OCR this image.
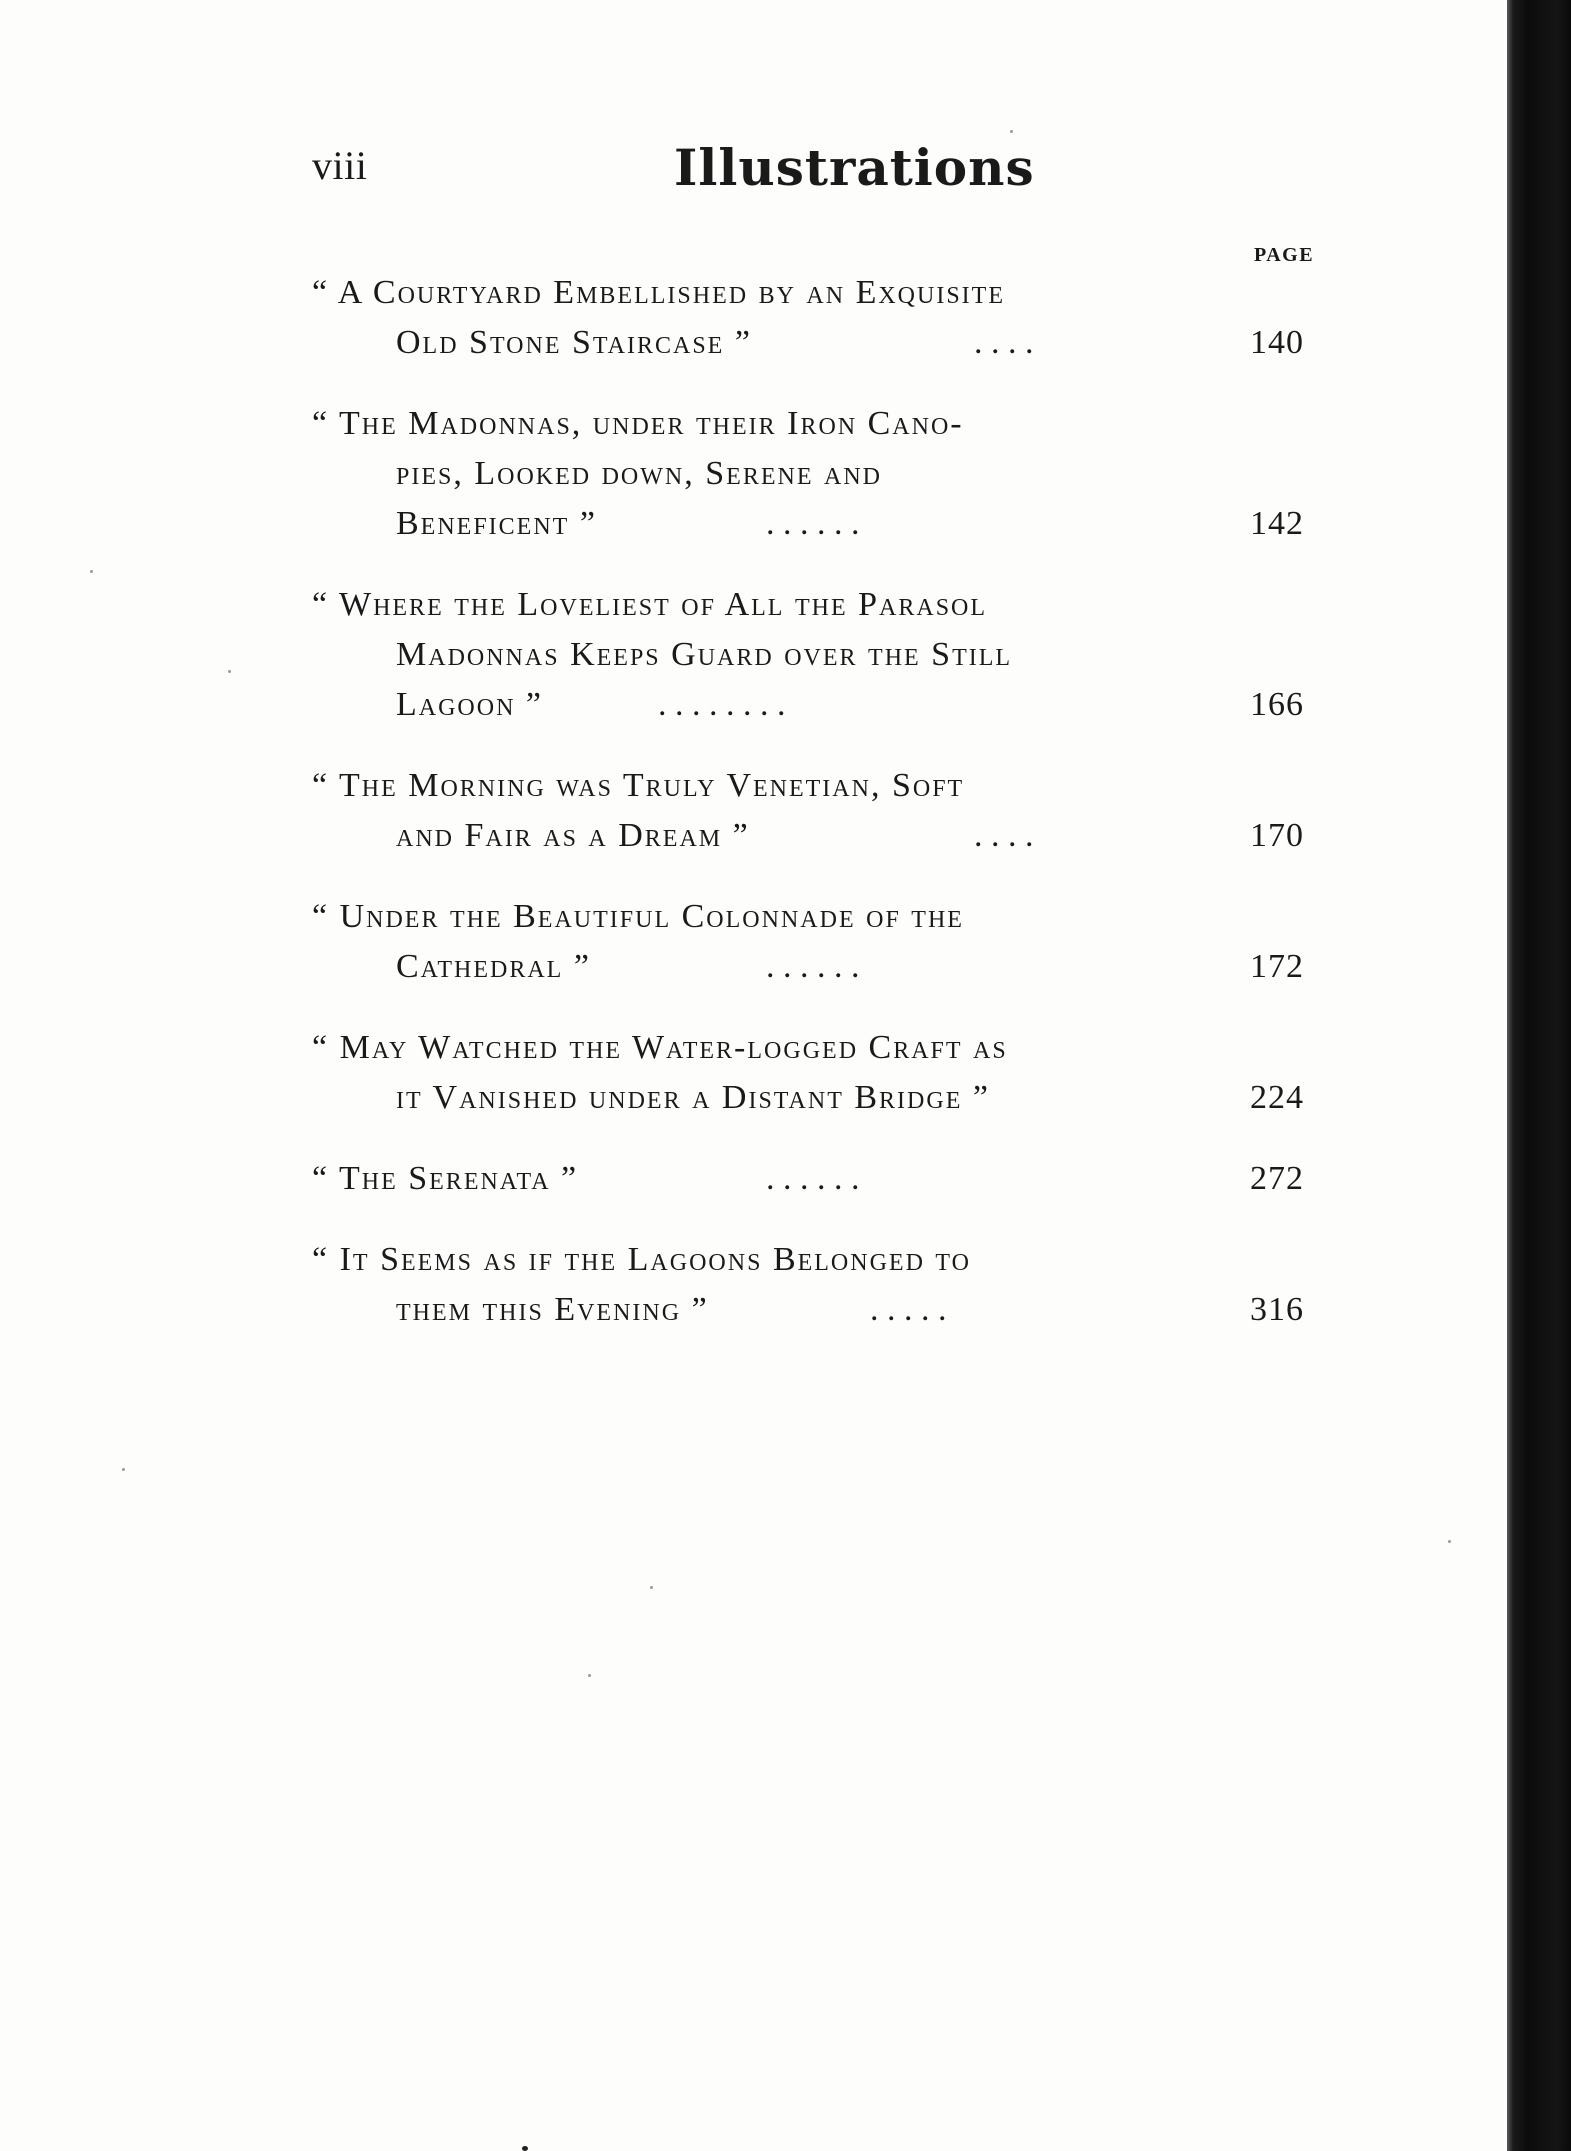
viii	Illustrations
PAGE
“ A Courtyard Embellished by an Exquisite
Old Stone Staircase ”	. . . .	140
“ The Madonnas, under their Iron Cano-
pies, Looked down, Serene and
Beneficent ”	. . . . . .	142
“ Where the Loveliest of All the Parasol
Madonnas Keeps Guard over the Still
Lagoon ”	. . . . . . . .	166
“ The Morning was Truly Venetian, Soft
and Fair as a Dream ”	. . . .	170
“ Under the Beautiful Colonnade of the
Cathedral ”	. . . . . .	172
“ May Watched the Water-logged Craft as
it Vanished under a Distant Bridge ”	224
“ The Serenata ”	. . . . . .	272
“ It Seems as if the Lagoons Belonged to
them this Evening ”	. . . . .	316
